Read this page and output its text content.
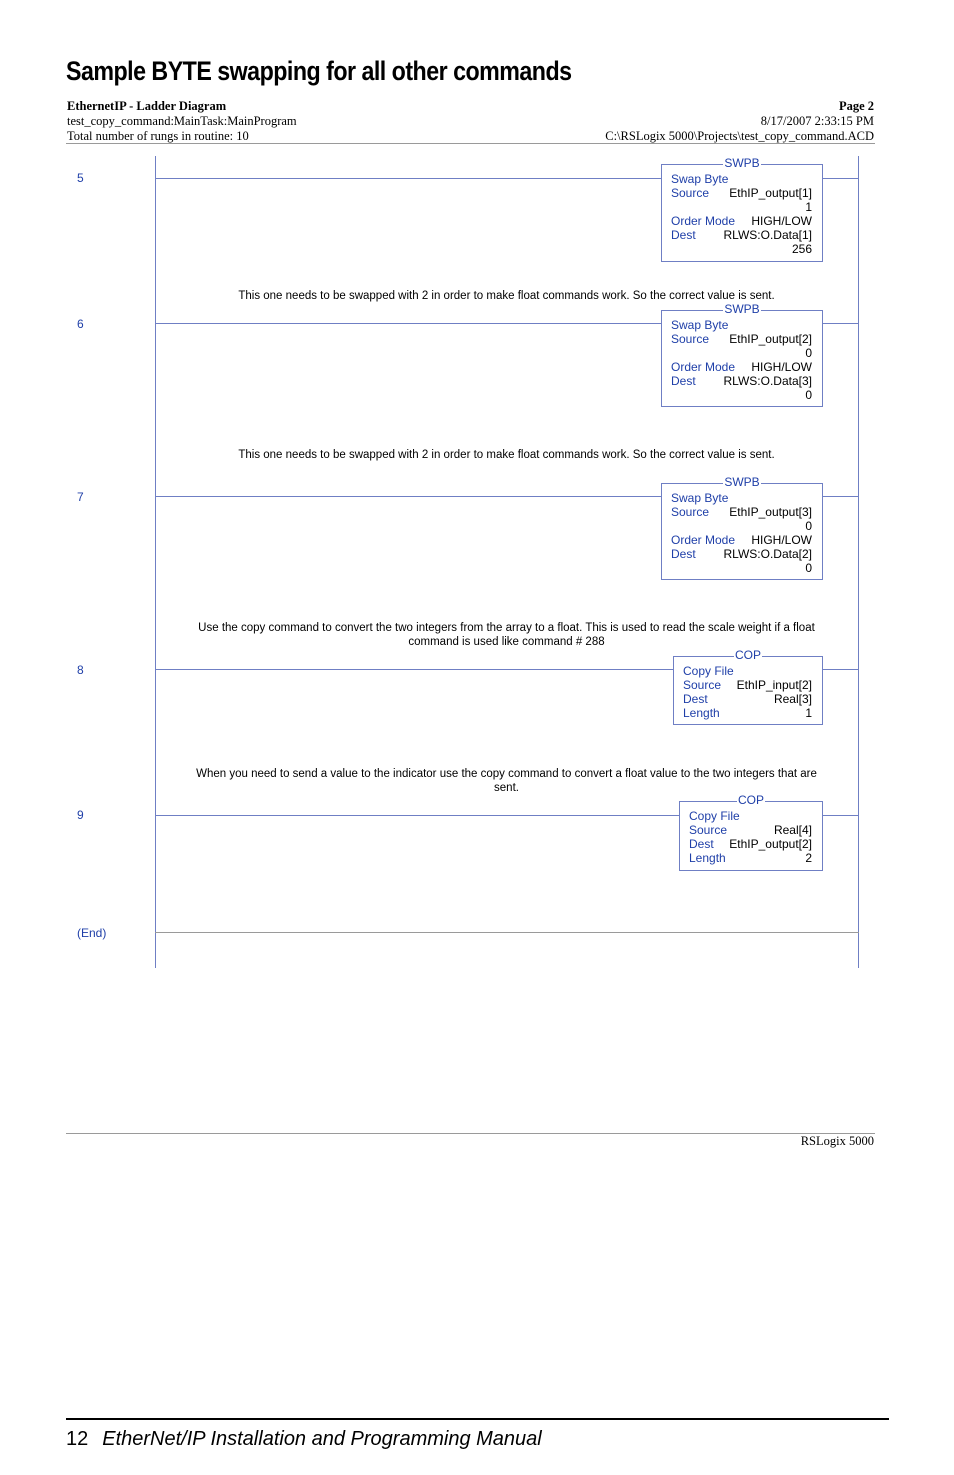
Sample BYTE swapping for all other commands
EthernetIP - Ladder Diagram
test_copy_command:MainTask:MainProgram
Total number of rungs in routine: 10
Page 2
8/17/2007 2:33:15 PM
C:\RSLogix 5000\Projects\test_copy_command.ACD
5
SWPB
Swap Byte
Source EthIP_output[1]
1
Order Mode HIGH/LOW
Dest RLWS:O.Data[1]
256
This one needs to be swapped with 2 in order to make float commands work. So the correct value is sent.
6
SWPB
Swap Byte
Source EthIP_output[2]
0
Order Mode HIGH/LOW
Dest RLWS:O.Data[3]
0
This one needs to be swapped with 2 in order to make float commands work. So the correct value is sent.
7
SWPB
Swap Byte
Source EthIP_output[3]
0
Order Mode HIGH/LOW
Dest RLWS:O.Data[2]
0
Use the copy command to convert the two integers from the array to a float. This is used to read the scale weight if a float
command is used like command # 288
8
COP
Copy File
Source EthIP_input[2]
Dest	Real[3]
Length	1
When you need to send a value to the indicator use the copy command to convert a float value to the two integers that are
sent.
9
COP
Copy File
Source	Real[4]
Dest EthIP_output[2]
Length	2
(End)
RSLogix 5000
12 EtherNet/IP Installation and Programming Manual
